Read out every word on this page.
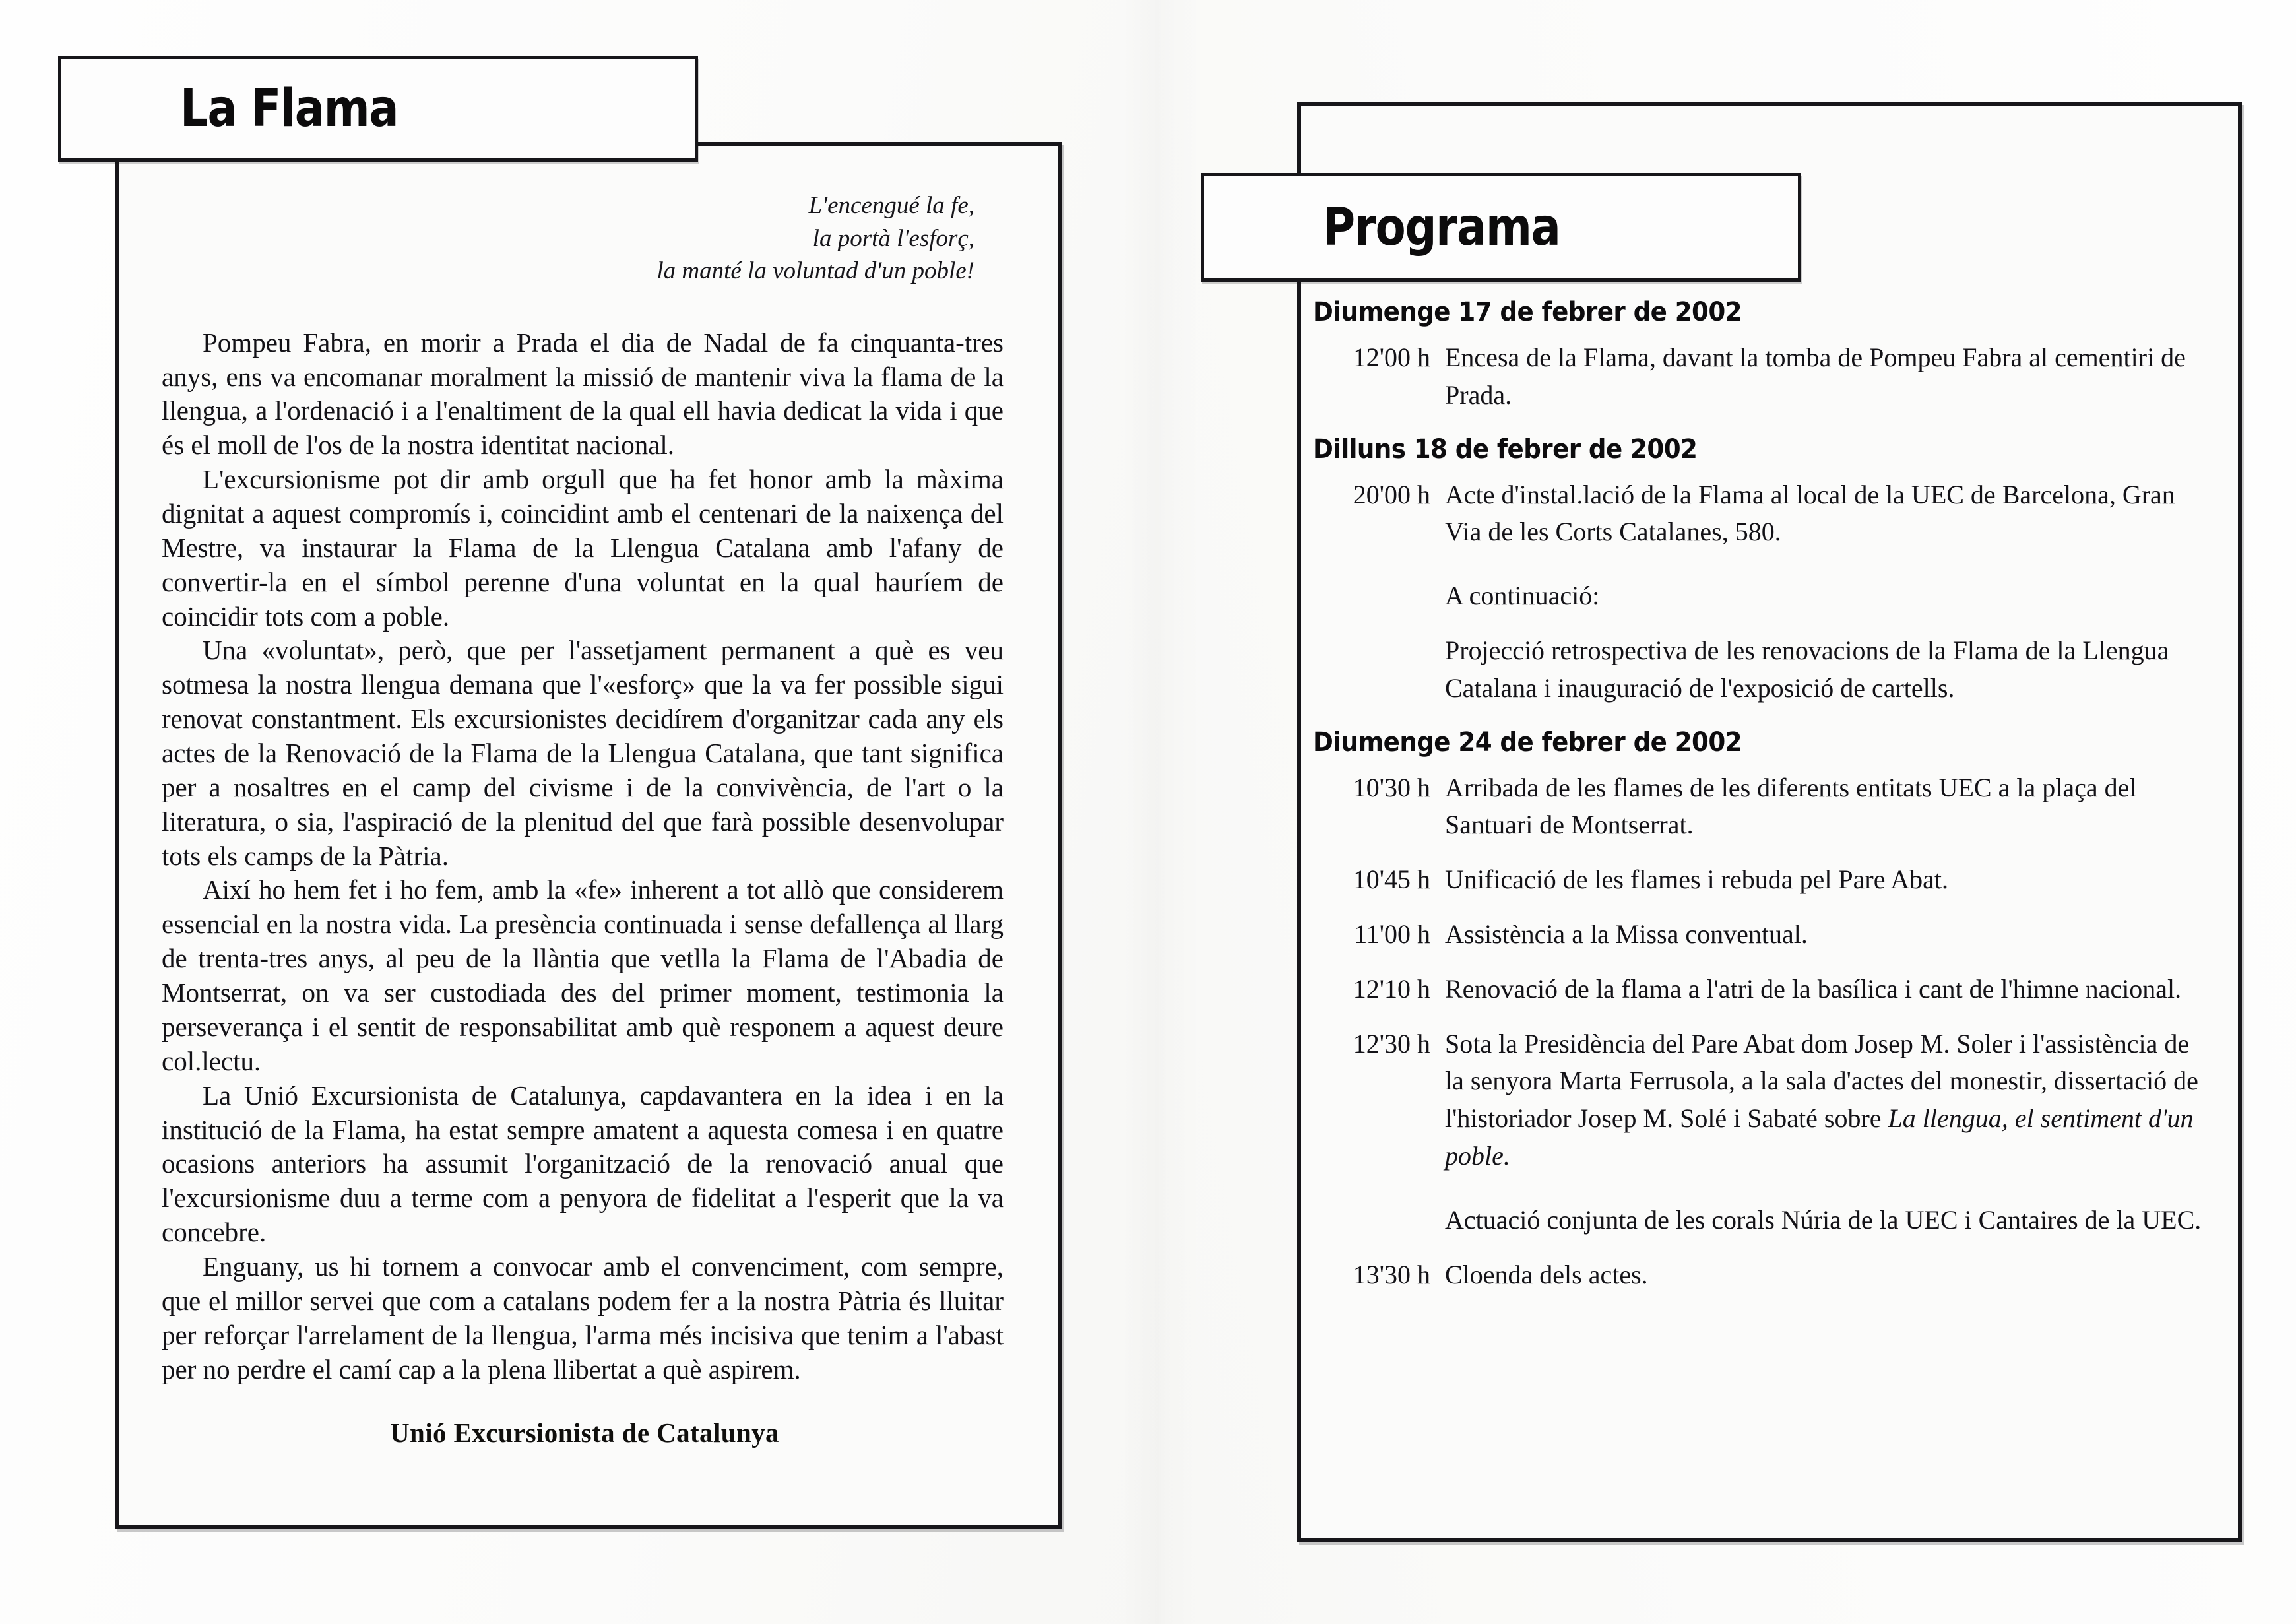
La Flama
L'encengué la fe,
la portà l'esforç,
la manté la voluntad d'un poble!

Pompeu Fabra, en morir a Prada el dia de Nadal de fa cinquanta-tres anys, ens va encomanar moralment la missió de mantenir viva la flama de la llengua, a l'ordenació i a l'enaltiment de la qual ell havia dedicat la vida i que és el moll de l'os de la nostra identitat nacional.

L'excursionisme pot dir amb orgull que ha fet honor amb la màxima dignitat a aquest compromís i, coincidint amb el centenari de la naixença del Mestre, va instaurar la Flama de la Llengua Catalana amb l'afany de convertir-la en el símbol perenne d'una voluntat en la qual hauríem de coincidir tots com a poble.

Una «voluntat», però, que per l'assetjament permanent a què es veu sotmesa la nostra llengua demana que l'«esforç» que la va fer possible sigui renovat constantment. Els excursionistes decidírem d'organitzar cada any els actes de la Renovació de la Flama de la Llengua Catalana, que tant significa per a nosaltres en el camp del civisme i de la convivència, de l'art o la literatura, o sia, l'aspiració de la plenitud del que farà possible desenvolupar tots els camps de la Pàtria.

Així ho hem fet i ho fem, amb la «fe» inherent a tot allò que considerem essencial en la nostra vida. La presència continuada i sense defallença al llarg de trenta-tres anys, al peu de la llàntia que vetlla la Flama de l'Abadia de Montserrat, on va ser custodiada des del primer moment, testimonia la perseverança i el sentit de responsabilitat amb què responem a aquest deure col.lectu.

La Unió Excursionista de Catalunya, capdavantera en la idea i en la institució de la Flama, ha estat sempre amatent a aquesta comesa i en quatre ocasions anteriors ha assumit l'organització de la renovació anual que l'excursionisme duu a terme com a penyora de fidelitat a l'esperit que la va concebre.

Enguany, us hi tornem a convocar amb el convenciment, com sempre, que el millor servei que com a catalans podem fer a la nostra Pàtria és lluitar per reforçar l'arrelament de la llengua, l'arma més incisiva que tenim a l'abast per no perdre el camí cap a la plena llibertat a què aspirem.

Unió Excursionista de Catalunya
Programa
Diumenge 17 de febrer de 2002
12'00 h Encesa de la Flama, davant la tomba de Pompeu Fabra al cementiri de Prada.
Dilluns 18 de febrer de 2002
20'00 h Acte d'instal.lació de la Flama al local de la UEC de Barcelona, Gran Via de les Corts Catalanes, 580.
A continuació:
Projecció retrospectiva de les renovacions de la Flama de la Llengua Catalana i inauguració de l'exposició de cartells.
Diumenge 24 de febrer de 2002
10'30 h Arribada de les flames de les diferents entitats UEC a la plaça del Santuari de Montserrat.
10'45 h Unificació de les flames i rebuda pel Pare Abat.
11'00 h Assistència a la Missa conventual.
12'10 h Renovació de la flama a l'atri de la basílica i cant de l'himne nacional.
12'30 h Sota la Presidència del Pare Abat dom Josep M. Soler i l'assistència de la senyora Marta Ferrusola, a la sala d'actes del monestir, dissertació de l'historiador Josep M. Solé i Sabaté sobre La llengua, el sentiment d'un poble.
Actuació conjunta de les corals Núria de la UEC i Cantaires de la UEC.
13'30 h Cloenda dels actes.
